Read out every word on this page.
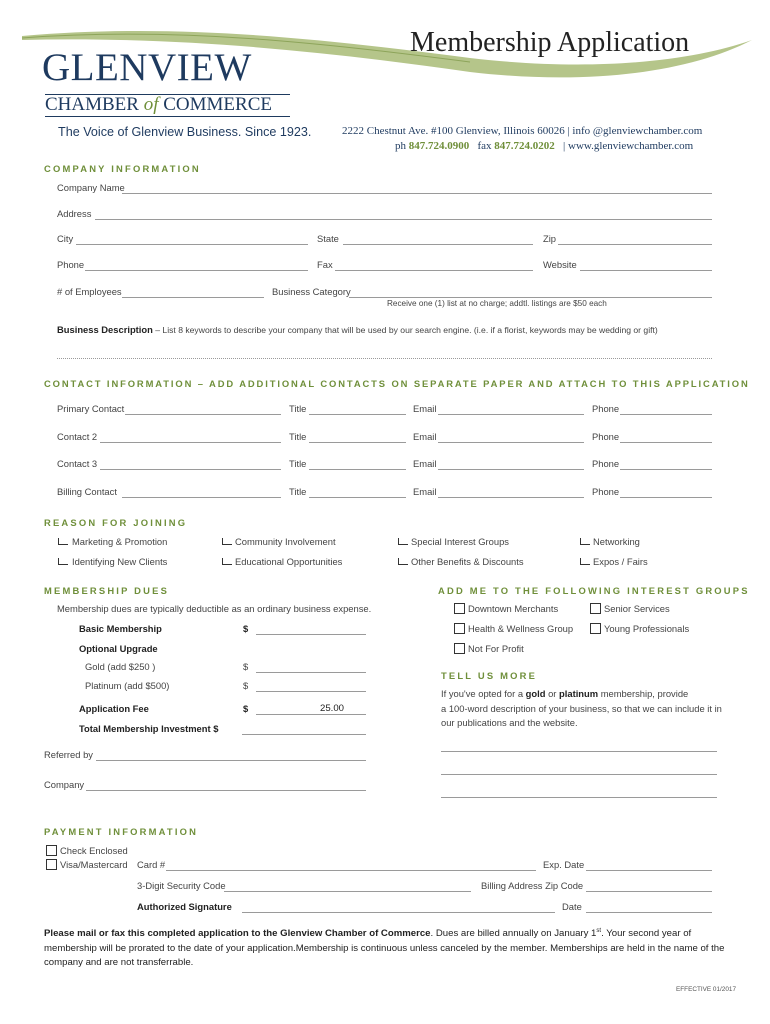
GLENVIEW
CHAMBER of COMMERCE
The Voice of Glenview Business. Since 1923.
Membership Application
2222 Chestnut Ave. #100 Glenview, Illinois 60026 | info @glenviewchamber.com
ph 847.724.0900 fax 847.724.0202 | www.glenviewchamber.com
COMPANY INFORMATION
Company Name
Address
City	State	Zip
Phone	Fax	Website
# of Employees	Business Category
Receive one (1) list at no charge; addtl. listings are $50 each
Business Description – List 8 keywords to describe your company that will be used by our search engine. (i.e. if a florist, keywords may be wedding or gift)
CONTACT INFORMATION – ADD ADDITIONAL CONTACTS ON SEPARATE PAPER AND ATTACH TO THIS APPLICATION
Primary Contact	Title	Email	Phone
Contact 2	Title	Email	Phone
Contact 3	Title	Email	Phone
Billing Contact	Title	Email	Phone
REASON FOR JOINING
Marketing & Promotion	Community Involvement	Special Interest Groups	Networking
Identifying New Clients	Educational Opportunities	Other Benefits & Discounts	Expos / Fairs
MEMBERSHIP DUES
Membership dues are typically deductible as an ordinary business expense.
Basic Membership	$
Optional Upgrade
Gold (add $250 )	$
Platinum (add $500)	$
Application Fee	$	25.00
Total Membership Investment $
Referred by
Company
ADD ME TO THE FOLLOWING INTEREST GROUPS
Downtown Merchants	Senior Services
Health & Wellness Group	Young Professionals
Not For Profit
TELL US MORE
If you've opted for a gold or platinum membership, provide
a 100-word description of your business, so that we can include it in
our publications and the website.
PAYMENT INFORMATION
Check Enclosed
Visa/Mastercard Card #	Exp. Date
3-Digit Security Code	Billing Address Zip Code
Authorized Signature	Date
Please mail or fax this completed application to the Glenview Chamber of Commerce. Dues are billed annually on January 1st. Your second year of
membership will be prorated to the date of your application.Membership is continuous unless canceled by the member. Memberships are held in the name of the
company and are not transferrable.
EFFECTIVE 01/2017
